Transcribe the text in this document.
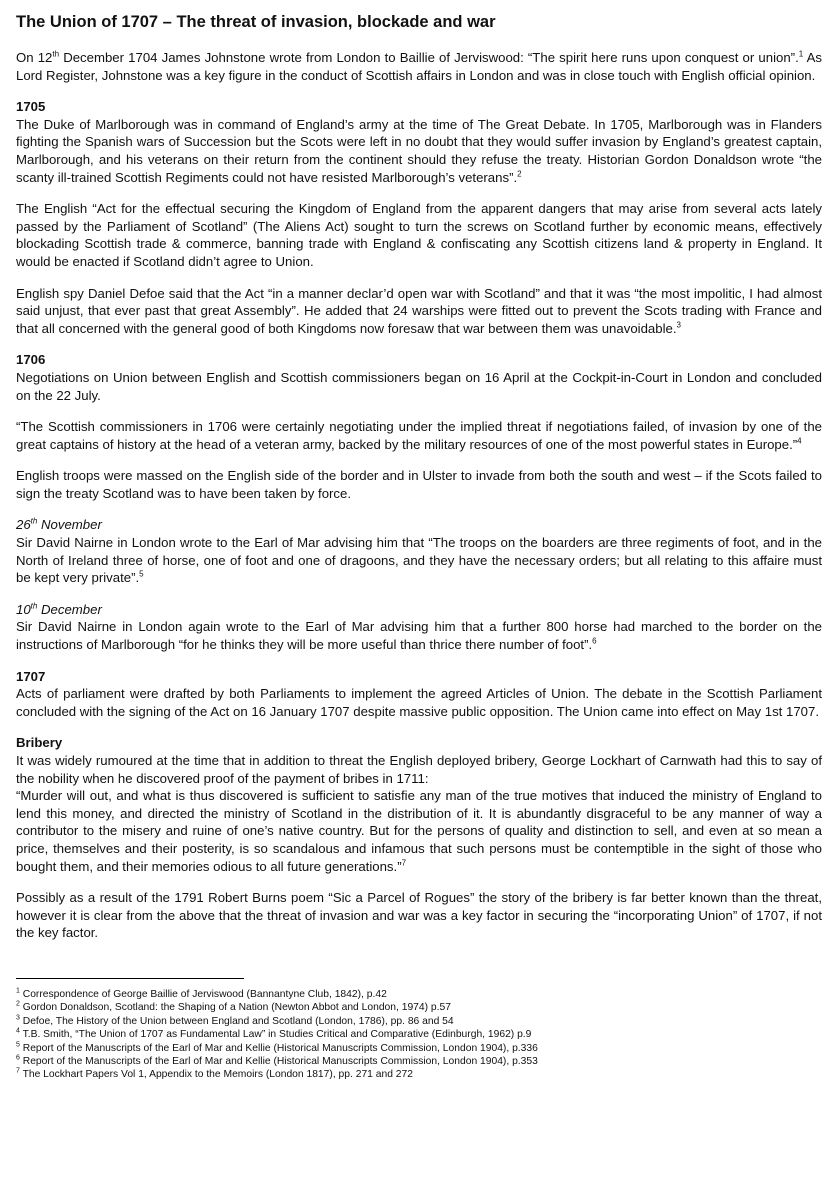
The Union of 1707 – The threat of invasion, blockade and war

On 12th December 1704 James Johnstone wrote from London to Baillie of Jerviswood: “The spirit here runs upon conquest or union”.$^1$ As Lord Register, Johnstone was a key figure in the conduct of Scottish affairs in London and was in close touch with English official opinion.

1705

The Duke of Marlborough was in command of England’s army at the time of The Great Debate. In 1705, Marlborough was in Flanders fighting the Spanish wars of Succession but the Scots were left in no doubt that they would suffer invasion by England’s greatest captain, Marlborough, and his veterans on their return from the continent should they refuse the treaty. Historian Gordon Donaldson wrote “the scanty ill-trained Scottish Regiments could not have resisted Marlborough’s veterans”.$^2$

The English “Act for the effectual securing the Kingdom of England from the apparent dangers that may arise from several acts lately passed by the Parliament of Scotland” (The Aliens Act) sought to turn the screws on Scotland further by economic means, effectively blockading Scottish trade & commerce, banning trade with England & confiscating any Scottish citizens land & property in England. It would be enacted if Scotland didn’t agree to Union.

English spy Daniel Defoe said that the Act “in a manner declar’d open war with Scotland” and that it was “the most impolitic, I had almost said unjust, that ever past that great Assembly”. He added that 24 warships were fitted out to prevent the Scots trading with France and that all concerned with the general good of both Kingdoms now foresaw that war between them was unavoidable.$^3$

1706

Negotiations on Union between English and Scottish commissioners began on 16 April at the Cockpit-in-Court in London and concluded on the 22 July.

“The Scottish commissioners in 1706 were certainly negotiating under the implied threat if negotiations failed, of invasion by one of the great captains of history at the head of a veteran army, backed by the military resources of one of the most powerful states in Europe.”$^4$

English troops were massed on the English side of the border and in Ulster to invade from both the south and west – if the Scots failed to sign the treaty Scotland was to have been taken by force.

26th November

Sir David Nairne in London wrote to the Earl of Mar advising him that “The troops on the boarders are three regiments of foot, and in the North of Ireland three of horse, one of foot and one of dragoons, and they have the necessary orders; but all relating to this affaire must be kept very private”.$^5$

10th December

Sir David Nairne in London again wrote to the Earl of Mar advising him that a further 800 horse had marched to the border on the instructions of Marlborough “for he thinks they will be more useful than thrice there number of foot”.$^6$

1707

Acts of parliament were drafted by both Parliaments to implement the agreed Articles of Union. The debate in the Scottish Parliament concluded with the signing of the Act on 16 January 1707 despite massive public opposition. The Union came into effect on May 1st 1707.

Bribery
It was widely rumoured at the time that in addition to threat the English deployed bribery, George Lockhart of Carnwath had this to say of the nobility when he discovered proof of the payment of bribes in 1711:
“Murder will out, and what is thus discovered is sufficient to satisfie any man of the true motives that induced the ministry of England to lend this money, and directed the ministry of Scotland in the distribution of it. It is abundantly disgraceful to be any manner of way a contributor to the misery and ruine of one’s native country. But for the persons of quality and distinction to sell, and even at so mean a price, themselves and their posterity, is so scandalous and infamous that such persons must be contemptible in the sight of those who bought them, and their memories odious to all future generations.”$^7$

Possibly as a result of the 1791 Robert Burns poem “Sic a Parcel of Rogues” the story of the bribery is far better known than the threat, however it is clear from the above that the threat of invasion and war was a key factor in securing the “incorporating Union” of 1707, if not the key factor.

$^1$ Correspondence of George Baillie of Jerviswood (Bannantyne Club, 1842), p.42
$^2$ Gordon Donaldson, Scotland: the Shaping of a Nation (Newton Abbot and London, 1974) p.57
$^3$ Defoe, The History of the Union between England and Scotland (London, 1786), pp. 86 and 54
$^4$ T.B. Smith, “The Union of 1707 as Fundamental Law” in Studies Critical and Comparative (Edinburgh, 1962) p.9
$^5$ Report of the Manuscripts of the Earl of Mar and Kellie (Historical Manuscripts Commission, London 1904), p.336
$^6$ Report of the Manuscripts of the Earl of Mar and Kellie (Historical Manuscripts Commission, London 1904), p.353
$^7$ The Lockhart Papers Vol 1, Appendix to the Memoirs (London 1817), pp. 271 and 272
